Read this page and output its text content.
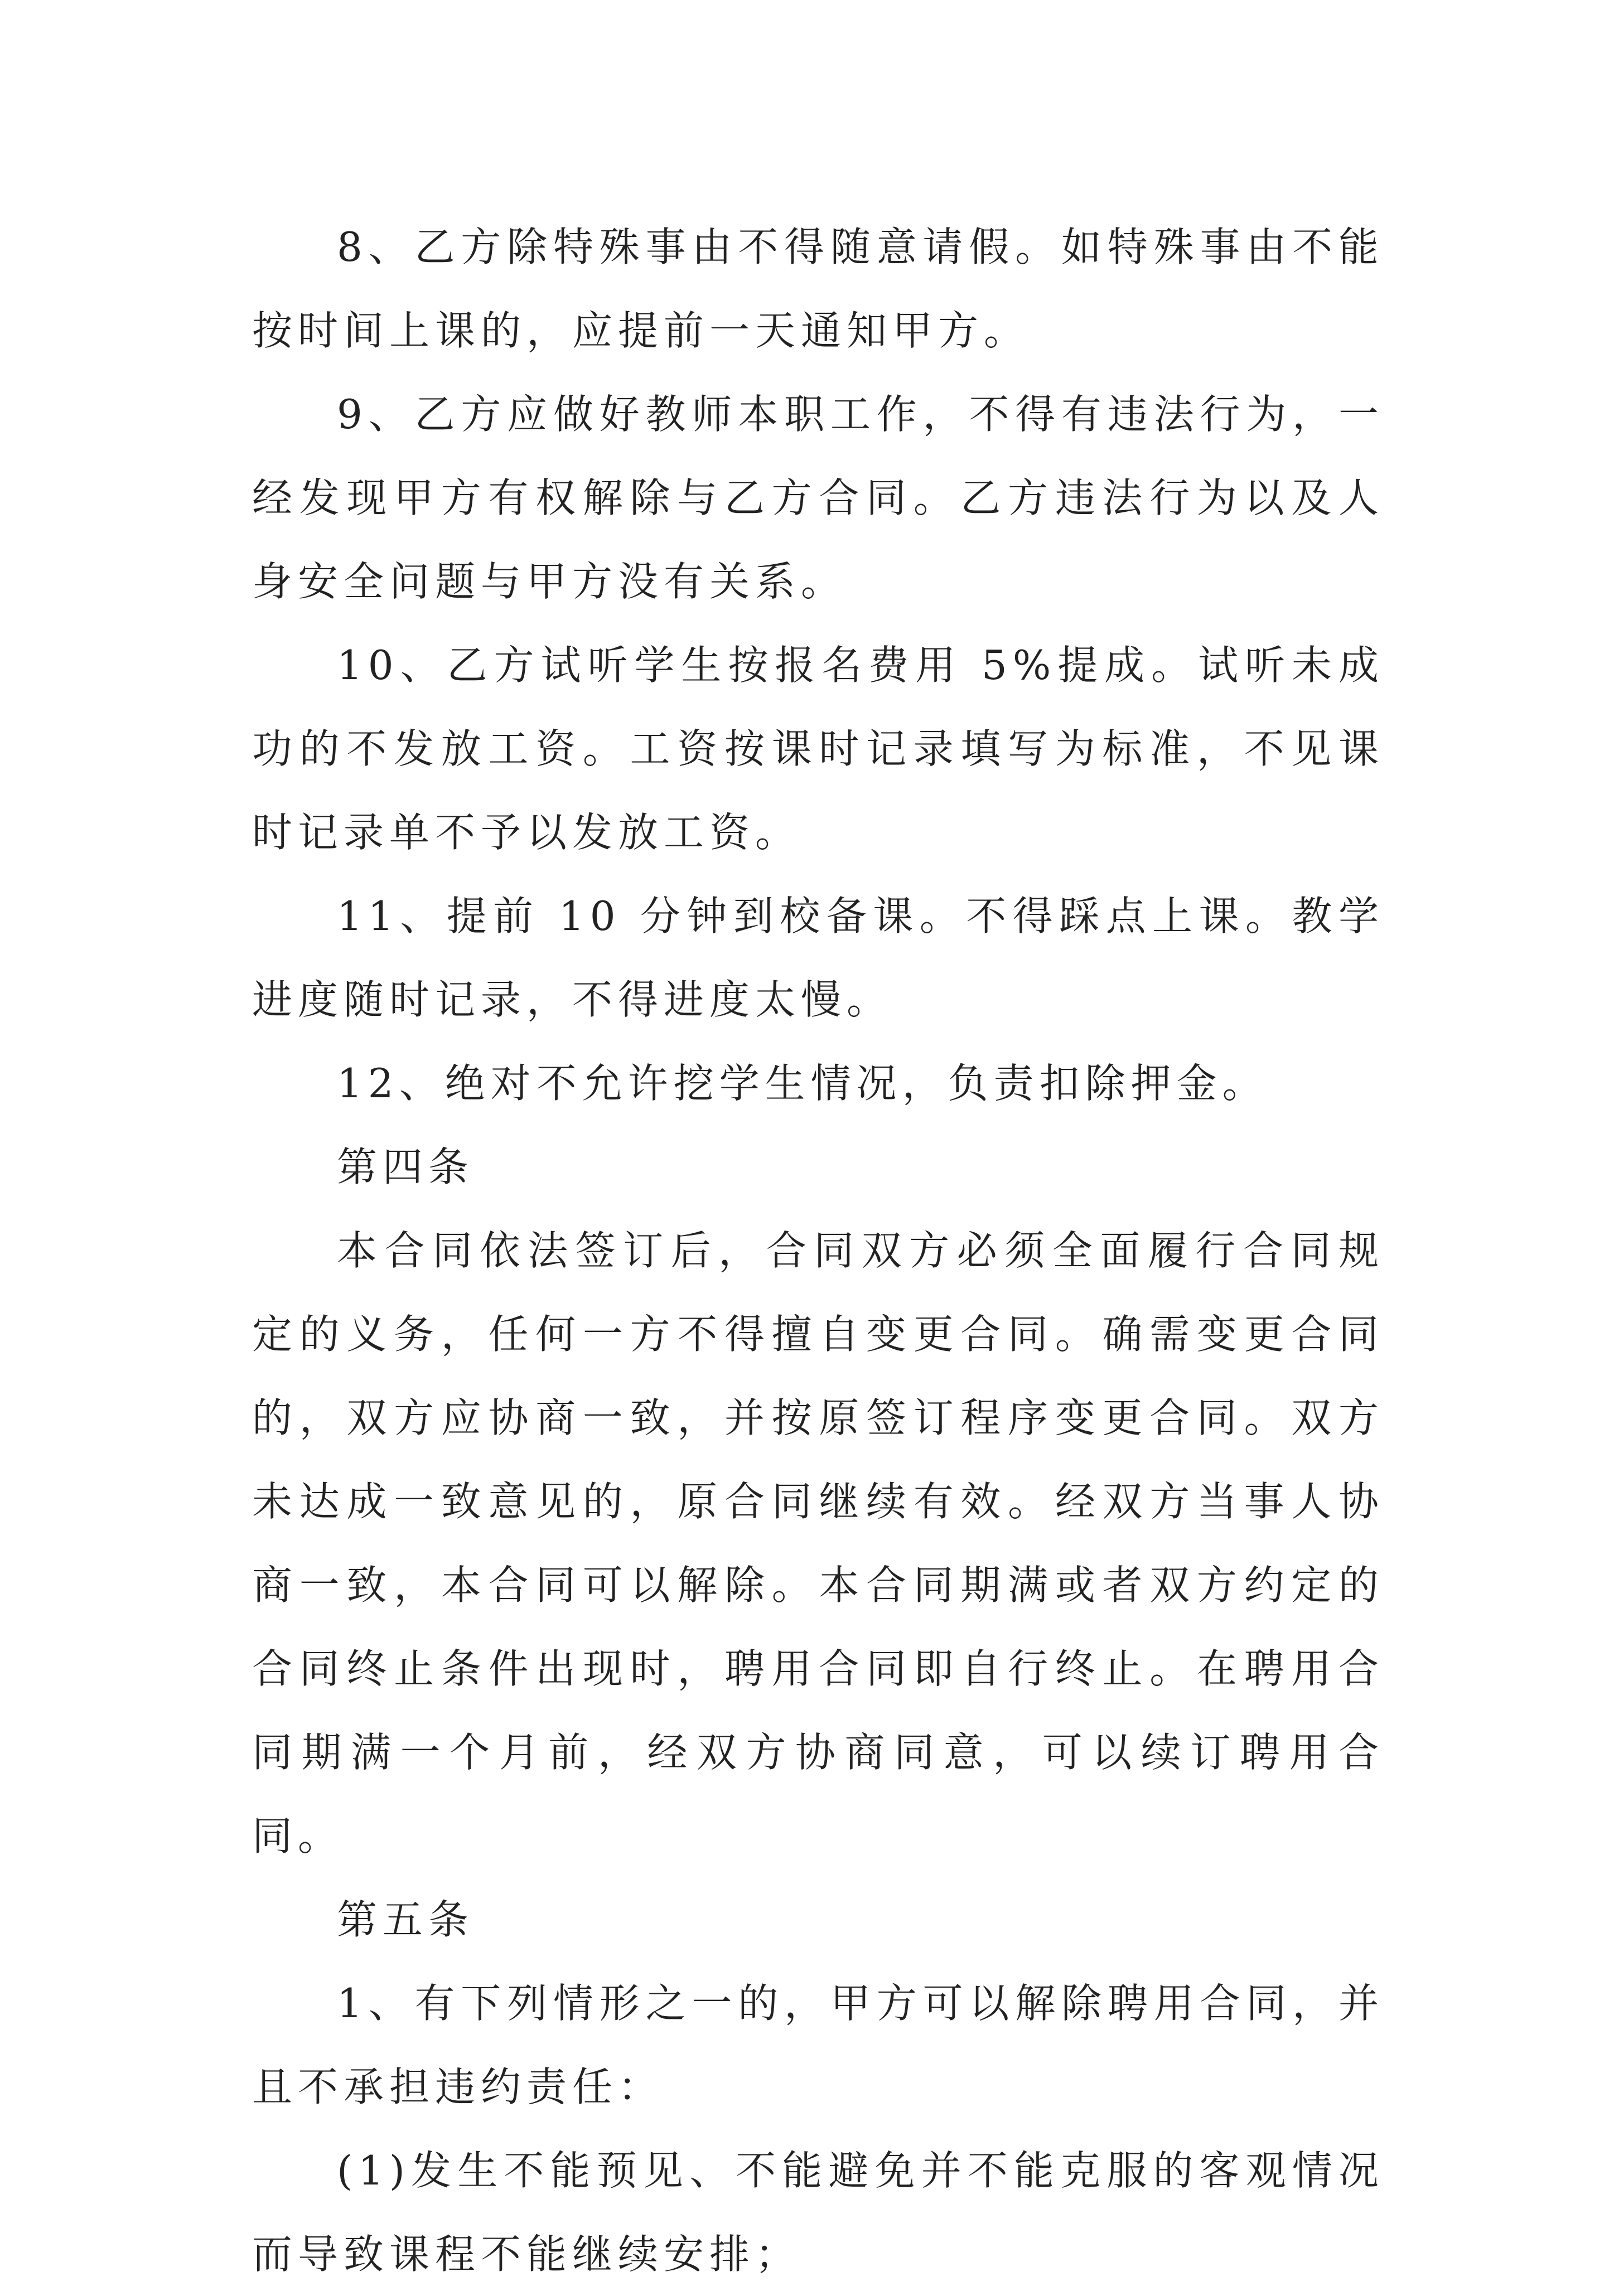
8、乙方除特殊事由不得随意请假。如特殊事由不能按时间上课的，应提前一天通知甲方。

9、乙方应做好教师本职工作，不得有违法行为，一经发现甲方有权解除与乙方合同。乙方违法行为以及人身安全问题与甲方没有关系。

10、乙方试听学生按报名费用 5%提成。试听未成功的不发放工资。工资按课时记录填写为标准，不见课时记录单不予以发放工资。

11、提前 10 分钟到校备课。不得踩点上课。教学进度随时记录，不得进度太慢。

12、绝对不允许挖学生情况，负责扣除押金。

第四条

本合同依法签订后，合同双方必须全面履行合同规定的义务，任何一方不得擅自变更合同。确需变更合同的，双方应协商一致，并按原签订程序变更合同。双方未达成一致意见的，原合同继续有效。经双方当事人协商一致，本合同可以解除。本合同期满或者双方约定的合同终止条件出现时，聘用合同即自行终止。在聘用合同期满一个月前，经双方协商同意，可以续订聘用合同。

第五条

1、有下列情形之一的，甲方可以解除聘用合同，并且不承担违约责任：

(1)发生不能预见、不能避免并不能克服的客观情况而导致课程不能继续安排；
